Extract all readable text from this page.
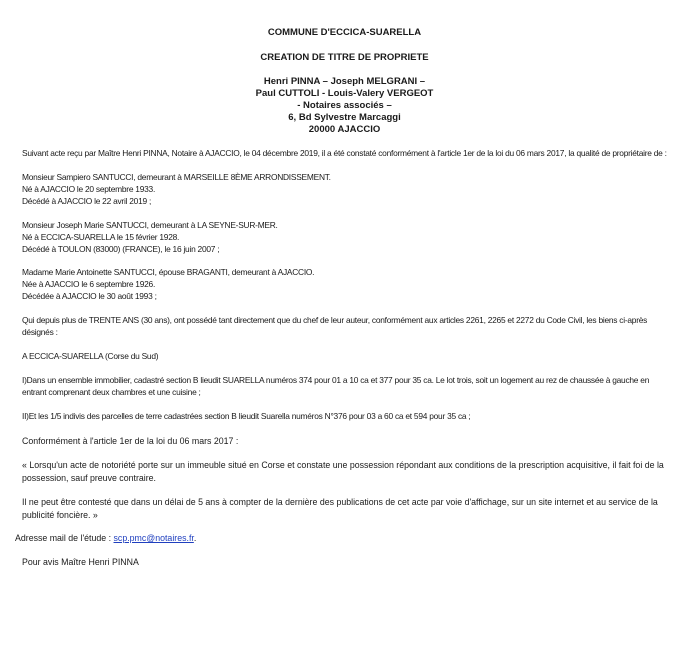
COMMUNE D'ECCICA-SUARELLA
CREATION DE TITRE DE PROPRIETE
Henri PINNA – Joseph MELGRANI –
Paul CUTTOLI - Louis-Valery VERGEOT
- Notaires associés –
6, Bd Sylvestre Marcaggi
20000 AJACCIO
Suivant acte reçu par Maître Henri PINNA, Notaire à AJACCIO, le 04 décembre 2019, il a été constaté conformément à l'article 1er de la loi du 06 mars 2017, la qualité de propriétaire de :
Monsieur Sampiero SANTUCCI, demeurant à MARSEILLE 8ÈME ARRONDISSEMENT.
Né à AJACCIO le 20 septembre 1933.
Décédé à AJACCIO le 22 avril 2019 ;
Monsieur Joseph Marie SANTUCCI, demeurant à LA SEYNE-SUR-MER.
Né à ECCICA-SUARELLA le 15 février 1928.
Décédé à TOULON (83000) (FRANCE), le 16 juin 2007 ;
Madame Marie Antoinette SANTUCCI, épouse BRAGANTI, demeurant à AJACCIO.
Née à AJACCIO le 6 septembre 1926.
Décédée à AJACCIO le 30 août 1993 ;
Qui depuis plus de TRENTE ANS (30 ans), ont possédé tant directement que du chef de leur auteur, conformément aux articles 2261, 2265 et 2272 du Code Civil, les biens ci-après
désignés :
A ECCICA-SUARELLA (Corse du Sud)
I)Dans un ensemble immobilier, cadastré section B lieudit SUARELLA numéros 374 pour 01 a 10 ca et 377 pour 35 ca. Le lot trois, soit un logement au rez de chaussée à gauche en
entrant comprenant deux chambres et une cuisine ;
II)Et les 1/5 indivis des parcelles de terre cadastrées section B lieudit Suarella numéros N°376 pour 03 a 60 ca et 594 pour 35 ca ;
Conformément à l'article 1er de la loi du 06 mars 2017 :
« Lorsqu'un acte de notoriété porte sur un immeuble situé en Corse et constate une possession répondant aux conditions de la prescription acquisitive, il fait foi de la possession, sauf preuve contraire.
Il ne peut être contesté que dans un délai de 5 ans à compter de la dernière des publications de cet acte par voie d'affichage, sur un site internet et au service de la publicité foncière. »
Adresse mail de l'étude : scp.pmc@notaires.fr.
Pour avis Maître Henri PINNA
